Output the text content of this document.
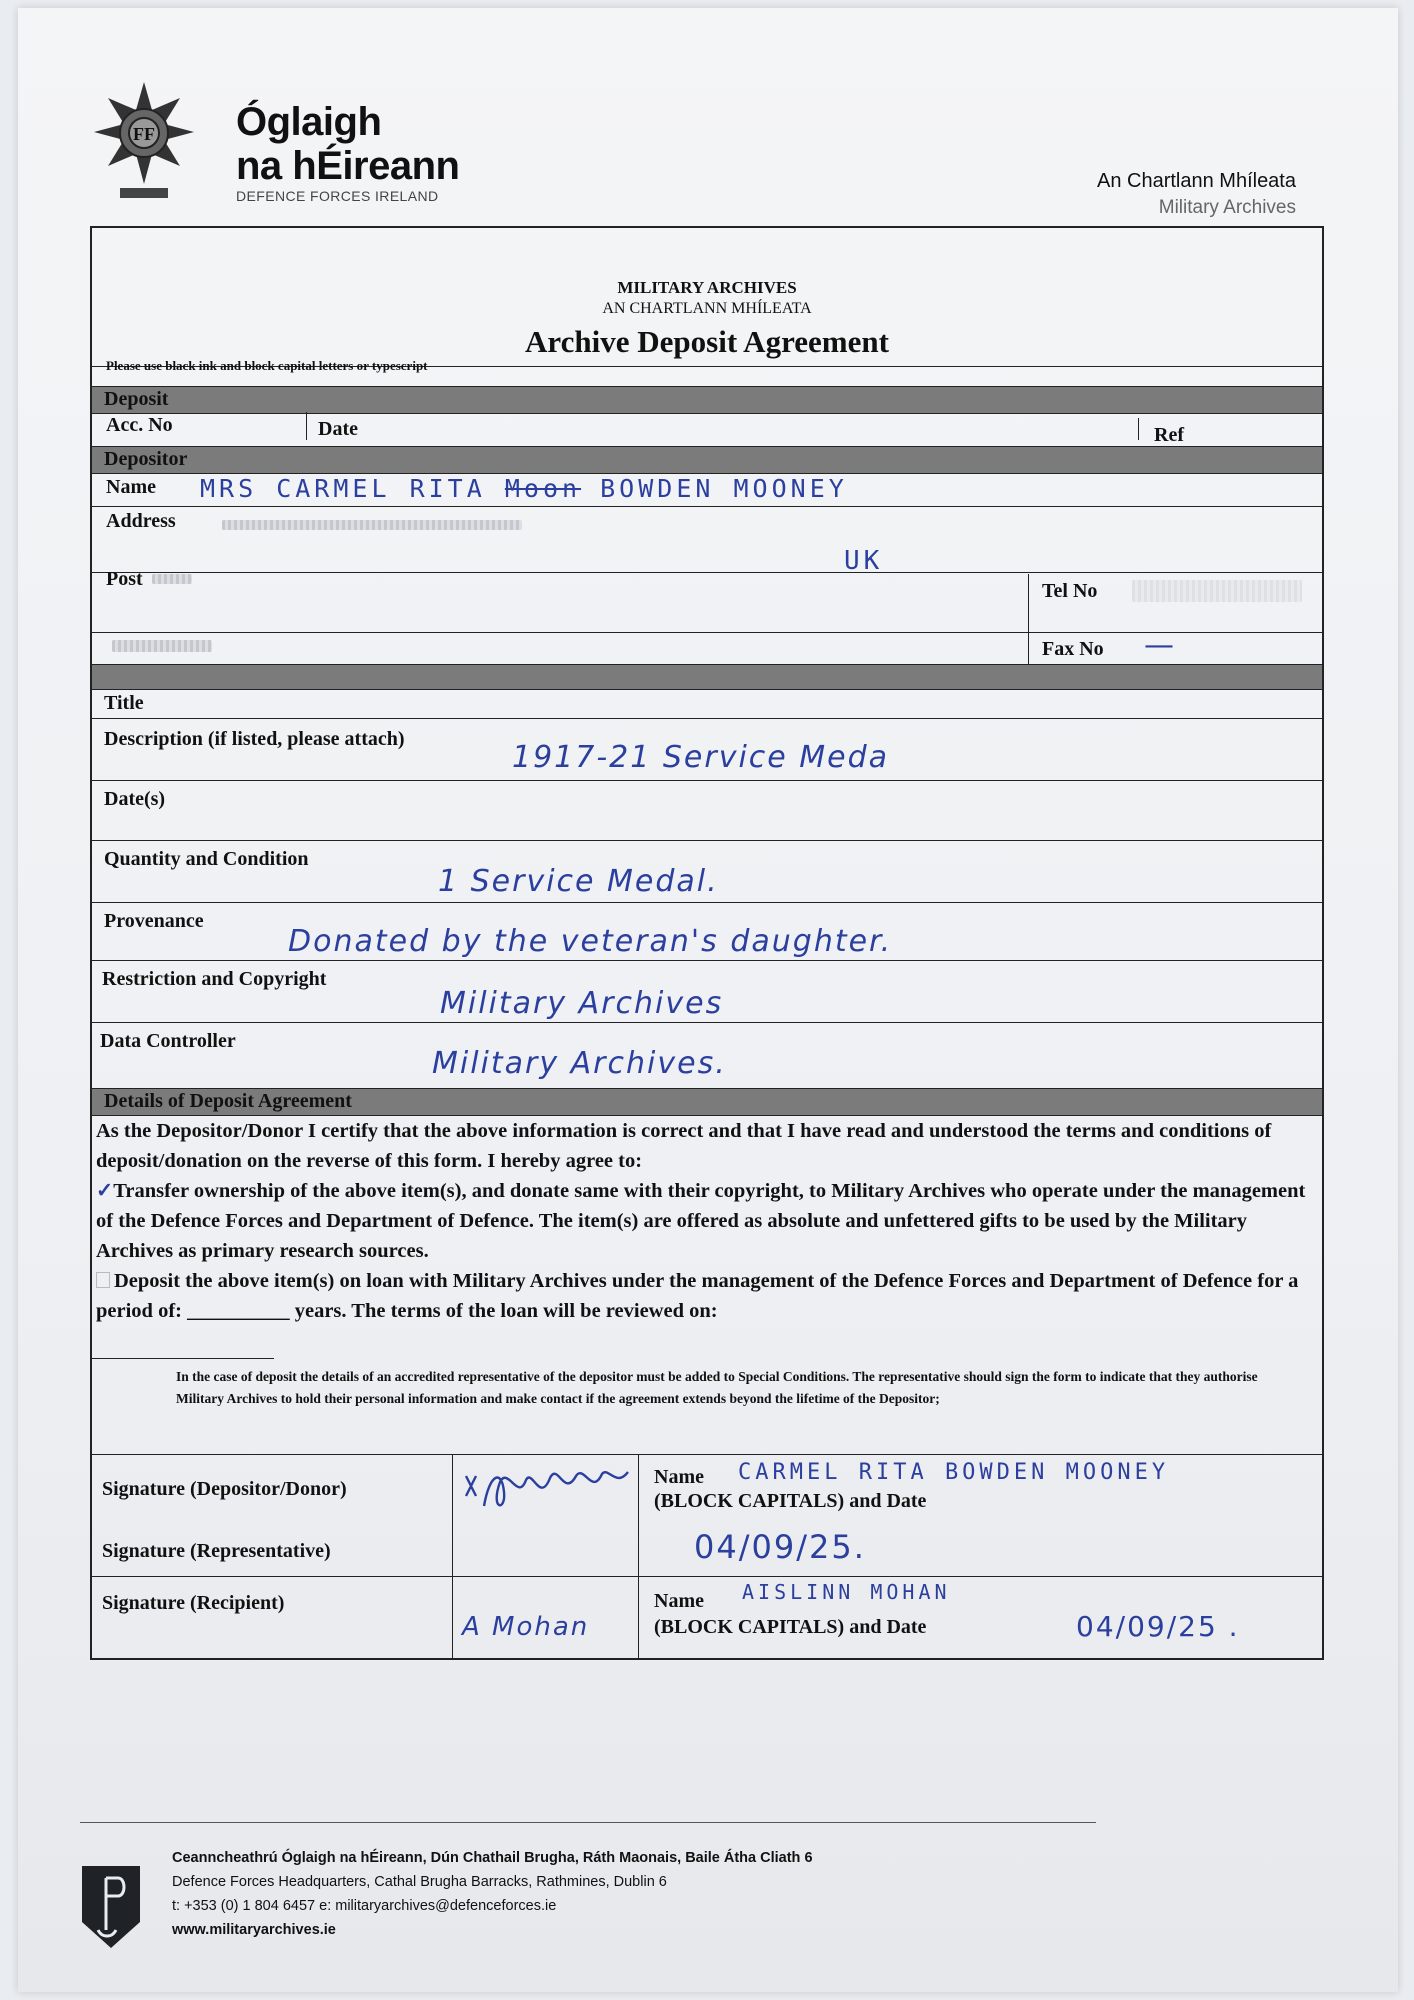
FF Óglaigh
na hÉireann
DEFENCE FORCES IRELAND
An Chartlann Mhíleata
Military Archives
MILITARY ARCHIVES
AN CHARTLANN MHÍLEATA
Archive Deposit Agreement
Please use black ink and block capital letters or typescript
Deposit
Acc. No	Date	Ref
Depositor
Name MRS CARMEL RITA Moon BOWDEN MOONEY
Address
UK
Post
Tel No
Fax No —
Title
Description (if listed, please attach)
1917-21 Service Meda
Date(s)
Quantity and Condition
1 Service Medal.
Provenance
Donated by the veteran's daughter.
Restriction and Copyright
Military Archives
Data Controller
Military Archives.
Details of Deposit Agreement
As the Depositor/Donor I certify that the above information is correct and that I have read and understood the terms and conditions of deposit/donation on the reverse of this form. I hereby agree to:
✓Transfer ownership of the above item(s), and donate same with their copyright, to Military Archives who operate under the management of the Defence Forces and Department of Defence. The item(s) are offered as absolute and unfettered gifts to be used by the Military Archives as primary research sources.
Deposit the above item(s) on loan with Military Archives under the management of the Defence Forces and Department of Defence for a period of: __________ years. The terms of the loan will be reviewed on:
In the case of deposit the details of an accredited representative of the depositor must be added to Special Conditions. The representative should sign the form to indicate that they authorise Military Archives to hold their personal information and make contact if the agreement extends beyond the lifetime of the Depositor;
Signature (Depositor/Donor)
Signature (Representative)
Name
(BLOCK CAPITALS) and Date
CARMEL RITA BOWDEN MOONEY
04/09/25.
Signature (Recipient)
A Mohan
Name
(BLOCK CAPITALS) and Date
AISLINN MOHAN
04/09/25 .
Ceanncheathrú Óglaigh na hÉireann, Dún Chathail Brugha, Ráth Maonais, Baile Átha Cliath 6
Defence Forces Headquarters, Cathal Brugha Barracks, Rathmines, Dublin 6
t: +353 (0) 1 804 6457 e: militaryarchives@defenceforces.ie
www.militaryarchives.ie
